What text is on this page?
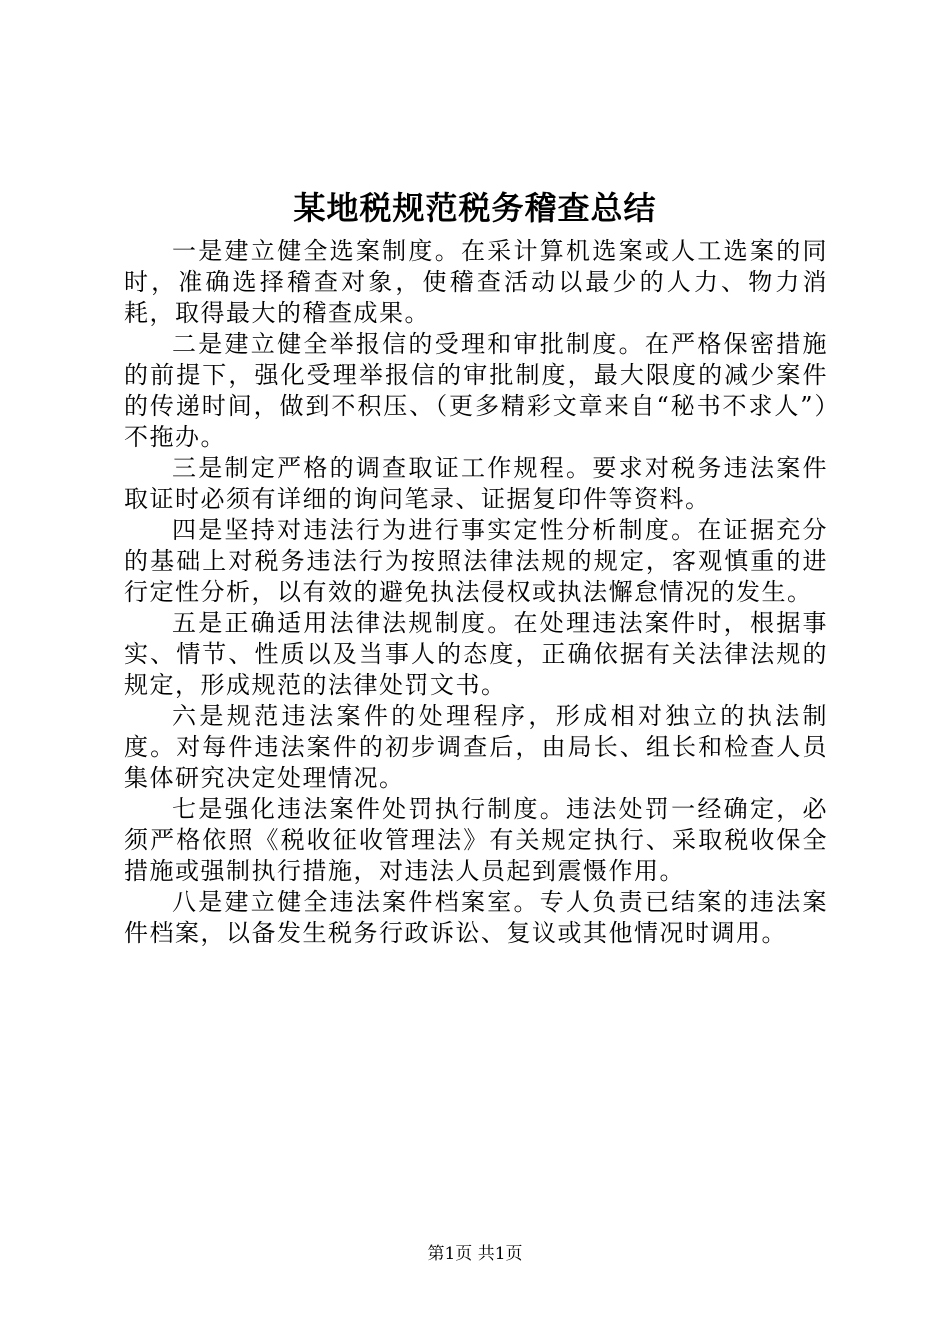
某地税规范税务稽查总结

一是建立健全选案制度。在采计算机选案或人工选案的同时，准确选择稽查对象，使稽查活动以最少的人力、物力消耗，取得最大的稽查成果。

二是建立健全举报信的受理和审批制度。在严格保密措施的前提下，强化受理举报信的审批制度，最大限度的减少案件的传递时间，做到不积压、（更多精彩文章来自“秘书不求人”）不拖办。

三是制定严格的调查取证工作规程。要求对税务违法案件取证时必须有详细的询问笔录、证据复印件等资料。

四是坚持对违法行为进行事实定性分析制度。在证据充分的基础上对税务违法行为按照法律法规的规定，客观慎重的进行定性分析，以有效的避免执法侵权或执法懈怠情况的发生。

五是正确适用法律法规制度。在处理违法案件时，根据事实、情节、性质以及当事人的态度，正确依据有关法律法规的规定，形成规范的法律处罚文书。

六是规范违法案件的处理程序，形成相对独立的执法制度。对每件违法案件的初步调查后，由局长、组长和检查人员集体研究决定处理情况。

七是强化违法案件处罚执行制度。违法处罚一经确定，必须严格依照《税收征收管理法》有关规定执行、采取税收保全措施或强制执行措施，对违法人员起到震慑作用。

八是建立健全违法案件档案室。专人负责已结案的违法案件档案，以备发生税务行政诉讼、复议或其他情况时调用。

第1页 共1页
